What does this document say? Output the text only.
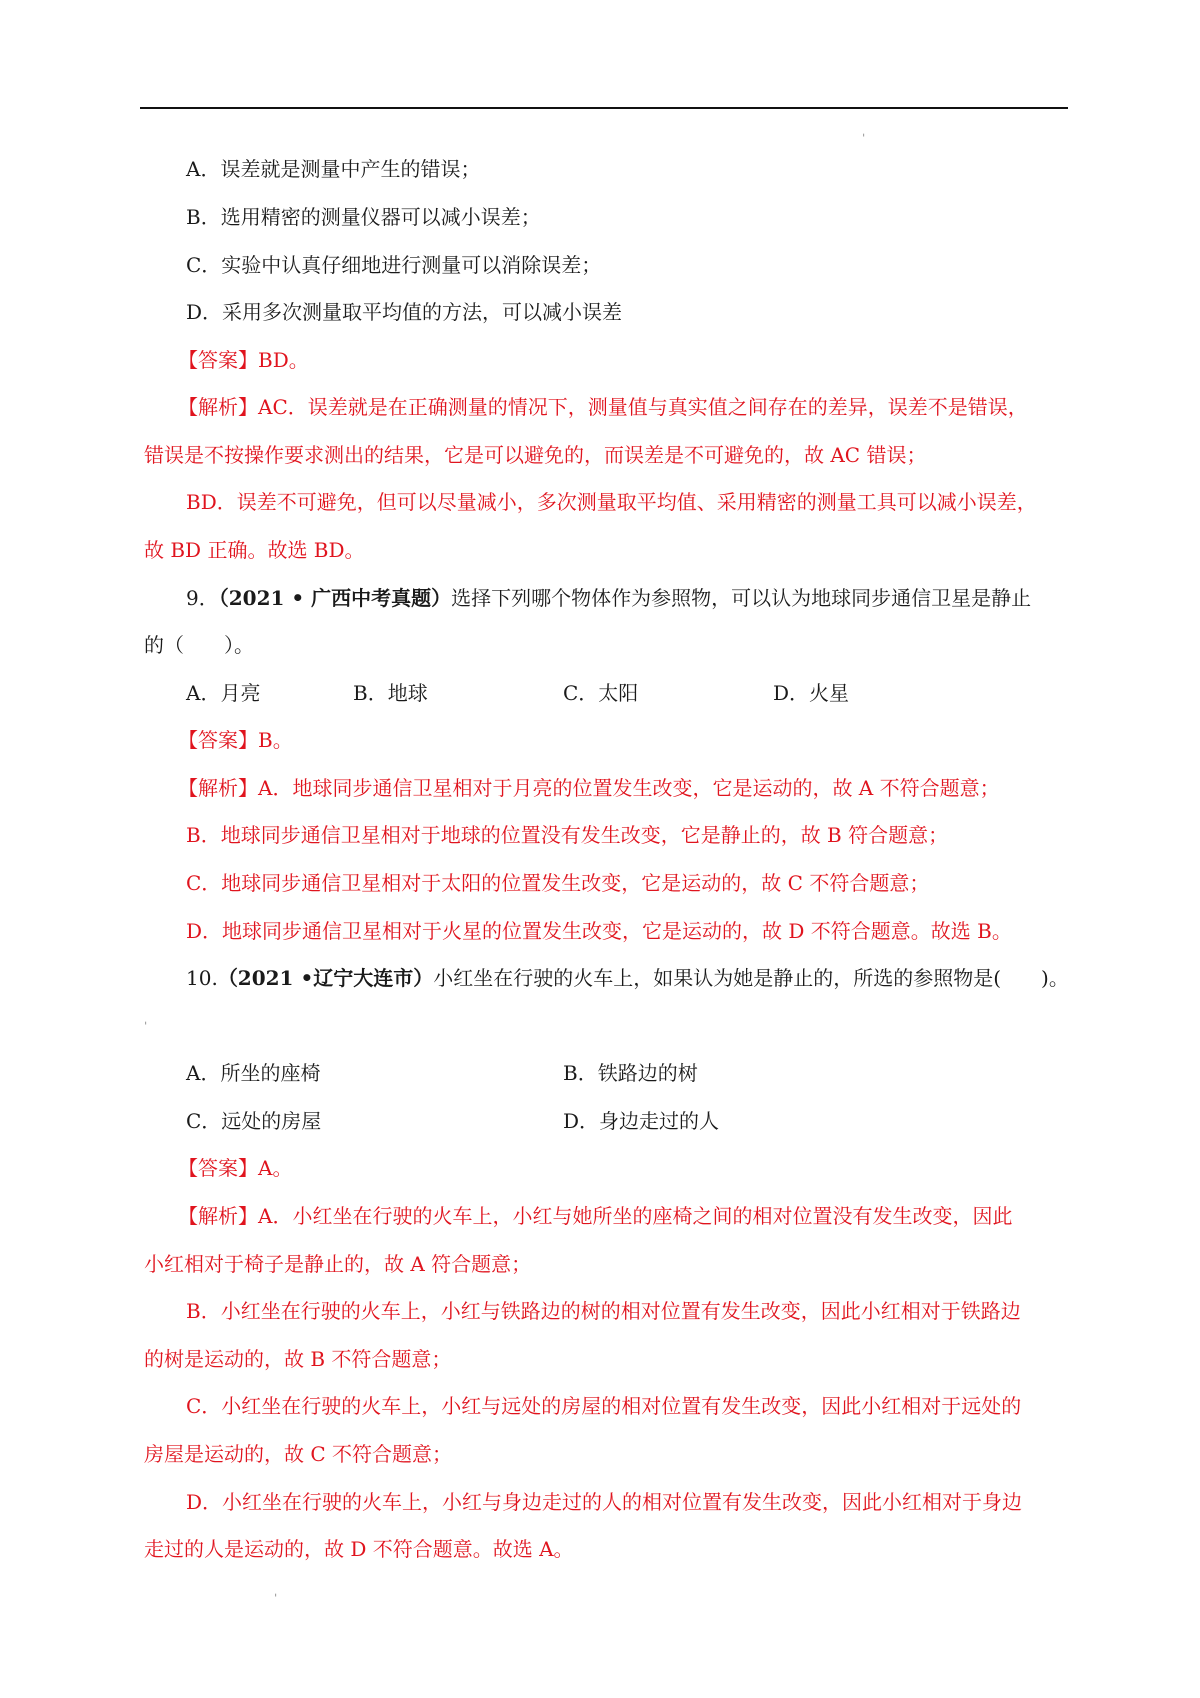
ˌ
A．误差就是测量中产生的错误；
B．选用精密的测量仪器可以减小误差；
C．实验中认真仔细地进行测量可以消除误差；
D．采用多次测量取平均值的方法，可以减小误差
【答案】BD。
【解析】AC．误差就是在正确测量的情况下，测量值与真实值之间存在的差异，误差不是错误，
错误是不按操作要求测出的结果，它是可以避免的，而误差是不可避免的，故 AC 错误；
BD．误差不可避免，但可以尽量减小，多次测量取平均值、采用精密的测量工具可以减小误差，
故 BD 正确。故选 BD。
9．（2021 • 广西中考真题）选择下列哪个物体作为参照物，可以认为地球同步通信卫星是静止
的（　　）。
A．月亮	B．地球	C．太阳	D．火星
【答案】B。
【解析】A．地球同步通信卫星相对于月亮的位置发生改变，它是运动的，故 A 不符合题意；
B．地球同步通信卫星相对于地球的位置没有发生改变，它是静止的，故 B 符合题意；
C．地球同步通信卫星相对于太阳的位置发生改变，它是运动的，故 C 不符合题意；
D．地球同步通信卫星相对于火星的位置发生改变，它是运动的，故 D 不符合题意。故选 B。
10.（2021 •辽宁大连市）小红坐在行驶的火车上，如果认为她是静止的，所选的参照物是(　　)。
ˌ
A．所坐的座椅	B．铁路边的树
C．远处的房屋	D．身边走过的人
【答案】A。
【解析】A．小红坐在行驶的火车上，小红与她所坐的座椅之间的相对位置没有发生改变，因此
小红相对于椅子是静止的，故 A 符合题意；
B．小红坐在行驶的火车上，小红与铁路边的树的相对位置有发生改变，因此小红相对于铁路边
的树是运动的，故 B 不符合题意；
C．小红坐在行驶的火车上，小红与远处的房屋的相对位置有发生改变，因此小红相对于远处的
房屋是运动的，故 C 不符合题意；
D．小红坐在行驶的火车上，小红与身边走过的人的相对位置有发生改变，因此小红相对于身边
走过的人是运动的，故 D 不符合题意。故选 A。
ˌ
